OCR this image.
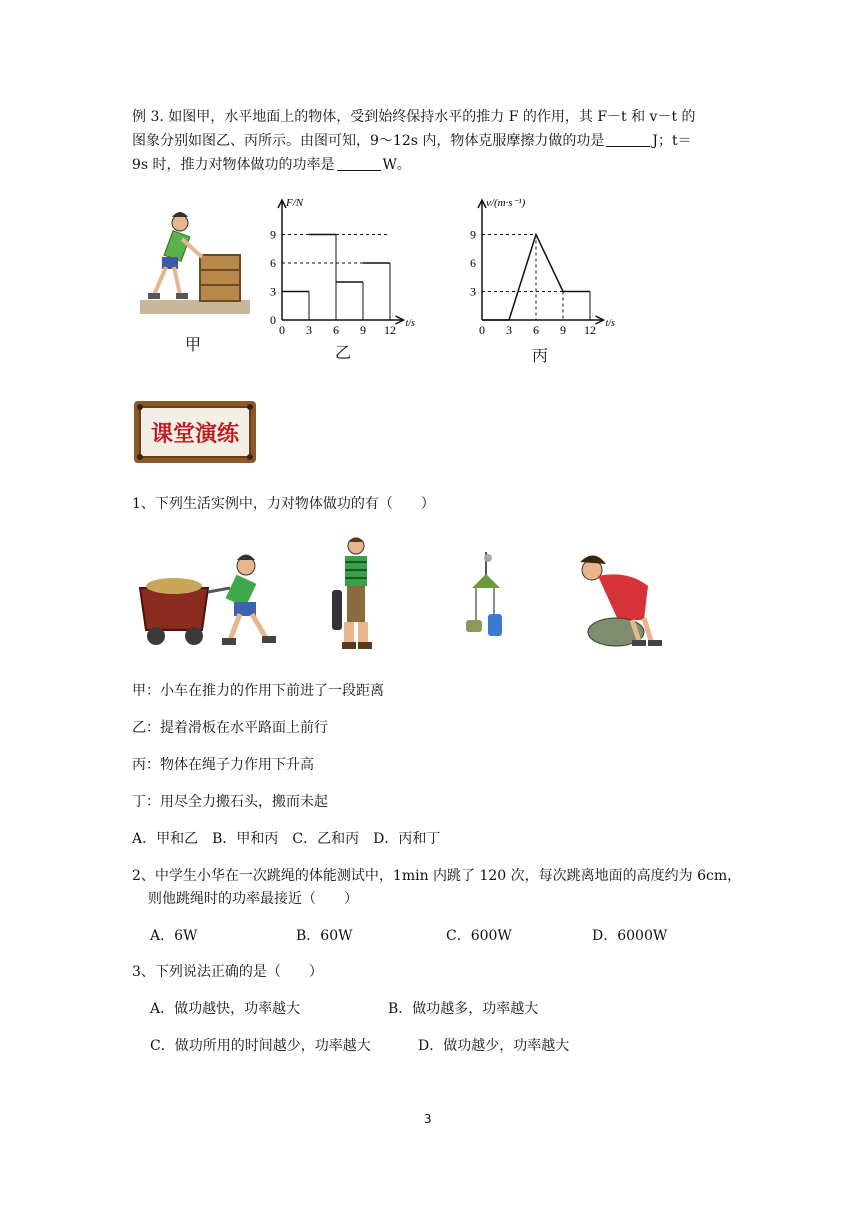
例 3. 如图甲，水平地面上的物体，受到始终保持水平的推力 F 的作用，其 F－t 和 v－t 的
图象分别如图乙、丙所示。由图可知，9～12s 内，物体克服摩擦力做的功是	J；t＝
9s 时，推力对物体做功的功率是	W。
甲
F/N
t/s
0 3 6 9 12
0
3
6
9
乙
v/(m·s⁻¹)
t/s
0 3 6 9 12
3
6
9
丙
课堂演练
1、下列生活实例中，力对物体做功的有（　　）
甲：小车在推力的作用下前进了一段距离
乙：提着滑板在水平路面上前行
丙：物体在绳子力作用下升高
丁：用尽全力搬石头，搬而未起
A．甲和乙　B．甲和丙　C．乙和丙　D．丙和丁
2、中学生小华在一次跳绳的体能测试中，1min 内跳了 120 次，每次跳离地面的高度约为 6cm，
则他跳绳时的功率最接近（　　）
A．6W	B．60W	C．600W	D．6000W
3、下列说法正确的是（　　）
A．做功越快，功率越大	B．做功越多，功率越大
C．做功所用的时间越少，功率越大	D．做功越少，功率越大
3
